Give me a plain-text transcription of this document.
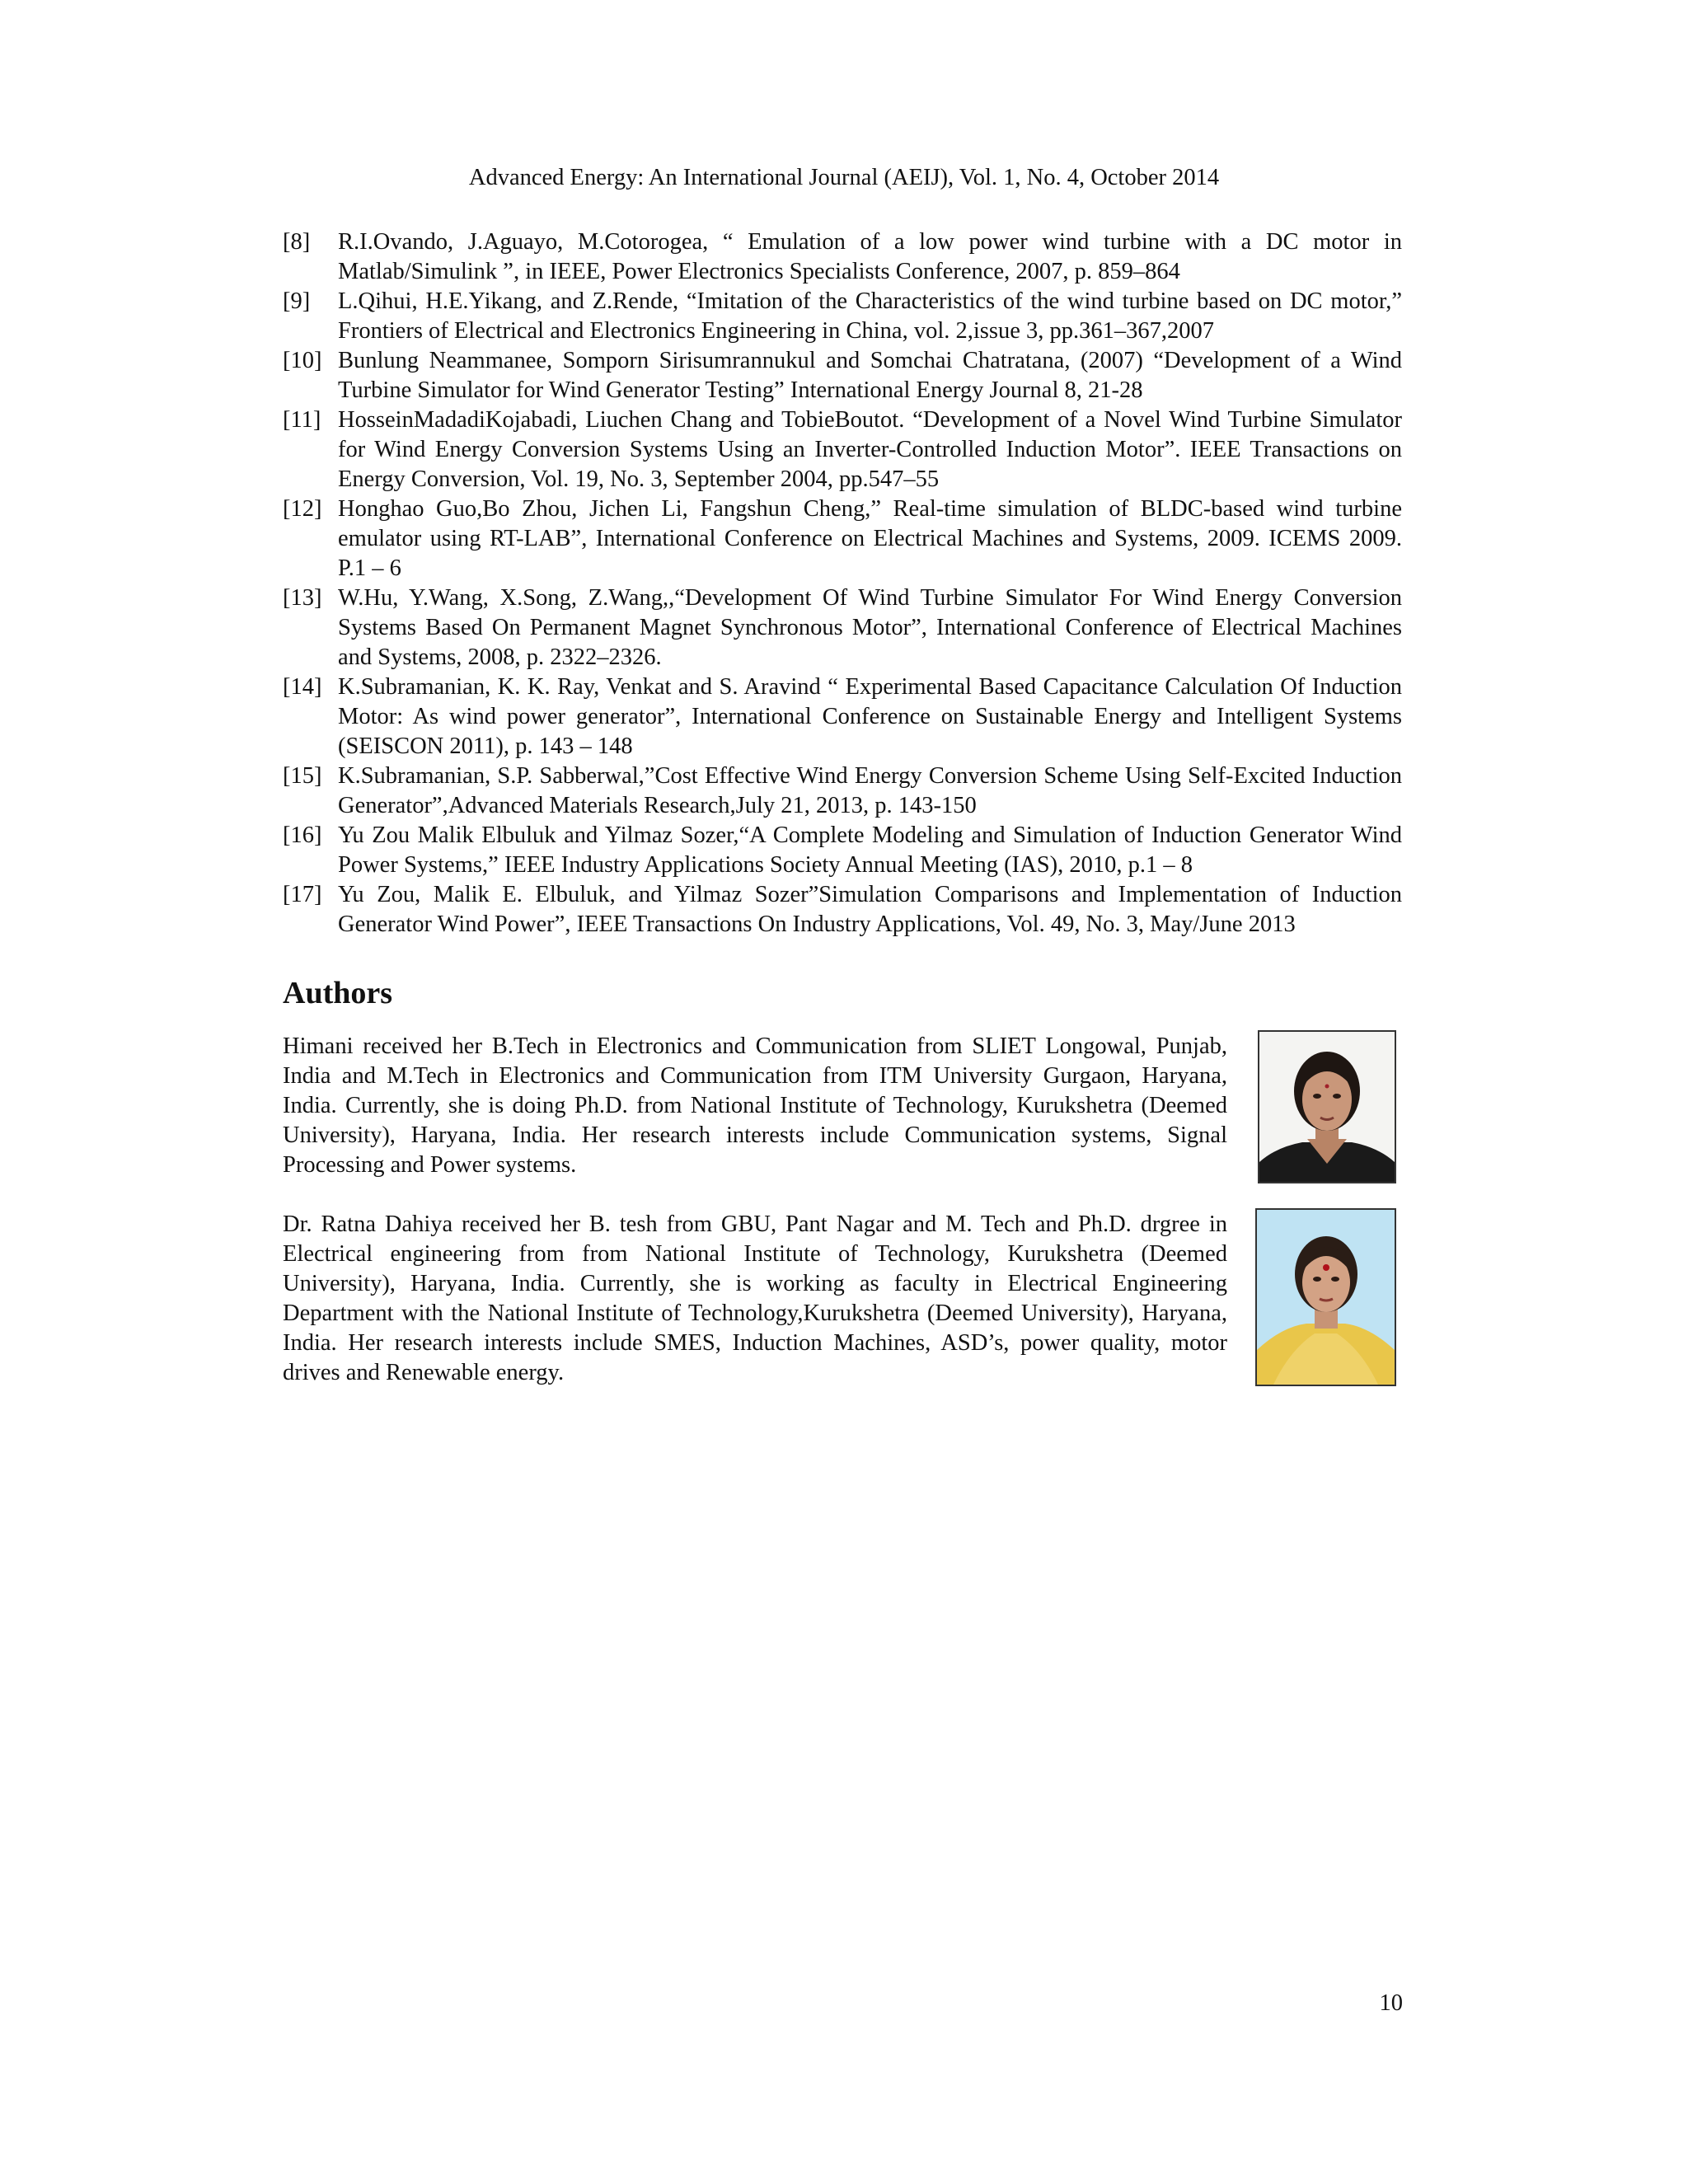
Advanced Energy: An International Journal (AEIJ), Vol. 1, No. 4, October 2014
[8] R.I.Ovando, J.Aguayo, M.Cotorogea, “ Emulation of a low power wind turbine with a DC motor in Matlab/Simulink ”, in IEEE, Power Electronics Specialists Conference, 2007, p. 859–864
[9] L.Qihui, H.E.Yikang, and Z.Rende, “Imitation of the Characteristics of the wind turbine based on DC motor,” Frontiers of Electrical and Electronics Engineering in China, vol. 2,issue 3, pp.361–367,2007
[10] Bunlung Neammanee, Somporn Sirisumrannukul and Somchai Chatratana, (2007) “Development of a Wind Turbine Simulator for Wind Generator Testing” International Energy Journal 8, 21-28
[11] HosseinMadadiKojabadi, Liuchen Chang and TobieBoutot. “Development of a Novel Wind Turbine Simulator for Wind Energy Conversion Systems Using an Inverter-Controlled Induction Motor”. IEEE Transactions on Energy Conversion, Vol. 19, No. 3, September 2004, pp.547–55
[12] Honghao Guo,Bo Zhou, Jichen Li, Fangshun Cheng,” Real-time simulation of BLDC-based wind turbine emulator using RT-LAB”, International Conference on Electrical Machines and Systems, 2009. ICEMS 2009. P.1 – 6
[13] W.Hu, Y.Wang, X.Song, Z.Wang,,“Development Of Wind Turbine Simulator For Wind Energy Conversion Systems Based On Permanent Magnet Synchronous Motor”, International Conference of Electrical Machines and Systems, 2008, p. 2322–2326.
[14] K.Subramanian, K. K. Ray, Venkat and S. Aravind “ Experimental Based Capacitance Calculation Of Induction Motor: As wind power generator”, International Conference on Sustainable Energy and Intelligent Systems (SEISCON 2011), p. 143 – 148
[15] K.Subramanian, S.P. Sabberwal,”Cost Effective Wind Energy Conversion Scheme Using Self-Excited Induction Generator”,Advanced Materials Research,July 21, 2013, p. 143-150
[16] Yu Zou Malik Elbuluk and Yilmaz Sozer,“A Complete Modeling and Simulation of Induction Generator Wind Power Systems,” IEEE Industry Applications Society Annual Meeting (IAS), 2010, p.1 – 8
[17] Yu Zou, Malik E. Elbuluk, and Yilmaz Sozer”Simulation Comparisons and Implementation of Induction Generator Wind Power”, IEEE Transactions On Industry Applications, Vol. 49, No. 3, May/June 2013
Authors

Himani received her B.Tech in Electronics and Communication from SLIET Longowal, Punjab, India and M.Tech in Electronics and Communication from ITM University Gurgaon, Haryana, India. Currently, she is doing Ph.D. from National Institute of Technology, Kurukshetra (Deemed University), Haryana, India. Her research interests include Communication systems, Signal Processing and Power systems.

Dr. Ratna Dahiya received her B. tesh from GBU, Pant Nagar and M. Tech and Ph.D. drgree in Electrical engineering from from National Institute of Technology, Kurukshetra (Deemed University), Haryana, India. Currently, she is working as faculty in Electrical Engineering Department with the National Institute of Technology,Kurukshetra (Deemed University), Haryana, India. Her research interests include SMES, Induction Machines, ASD’s, power quality, motor drives and Renewable energy.

10
